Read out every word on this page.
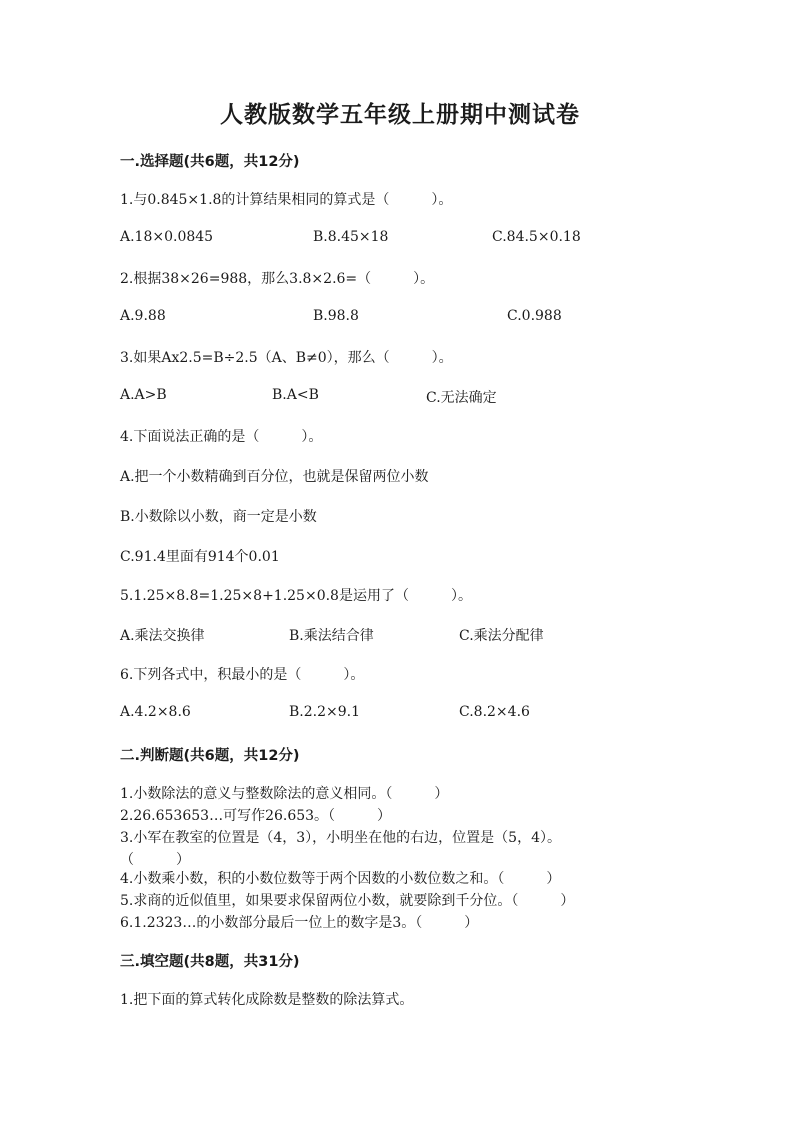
人教版数学五年级上册期中测试卷
一.选择题(共6题，共12分)
1.与0.845×1.8的计算结果相同的算式是（　　　）。
A.18×0.0845	B.8.45×18	C.84.5×0.18
2.根据38×26=988，那么3.8×2.6=（　　　）。
A.9.88	B.98.8	C.0.988
3.如果Ax2.5=B÷2.5（A、B≠0），那么（　　　）。
A.A>B	B.A<B	C.无法确定
4.下面说法正确的是（　　　）。
A.把一个小数精确到百分位，也就是保留两位小数
B.小数除以小数，商一定是小数
C.91.4里面有914个0.01
5.1.25×8.8=1.25×8+1.25×0.8是运用了（　　　）。
A.乘法交换律	B.乘法结合律	C.乘法分配律
6.下列各式中，积最小的是（　　　）。
A.4.2×8.6	B.2.2×9.1	C.8.2×4.6
二.判断题(共6题，共12分)
1.小数除法的意义与整数除法的意义相同。（　　　）
2.26.653653…可写作26.653。（　　　）
3.小军在教室的位置是（4，3），小明坐在他的右边，位置是（5，4）。
（　　　）
4.小数乘小数，积的小数位数等于两个因数的小数位数之和。（　　　）
5.求商的近似值里，如果要求保留两位小数，就要除到千分位。（　　　）
6.1.2323…的小数部分最后一位上的数字是3。（　　　）
三.填空题(共8题，共31分)
1.把下面的算式转化成除数是整数的除法算式。
